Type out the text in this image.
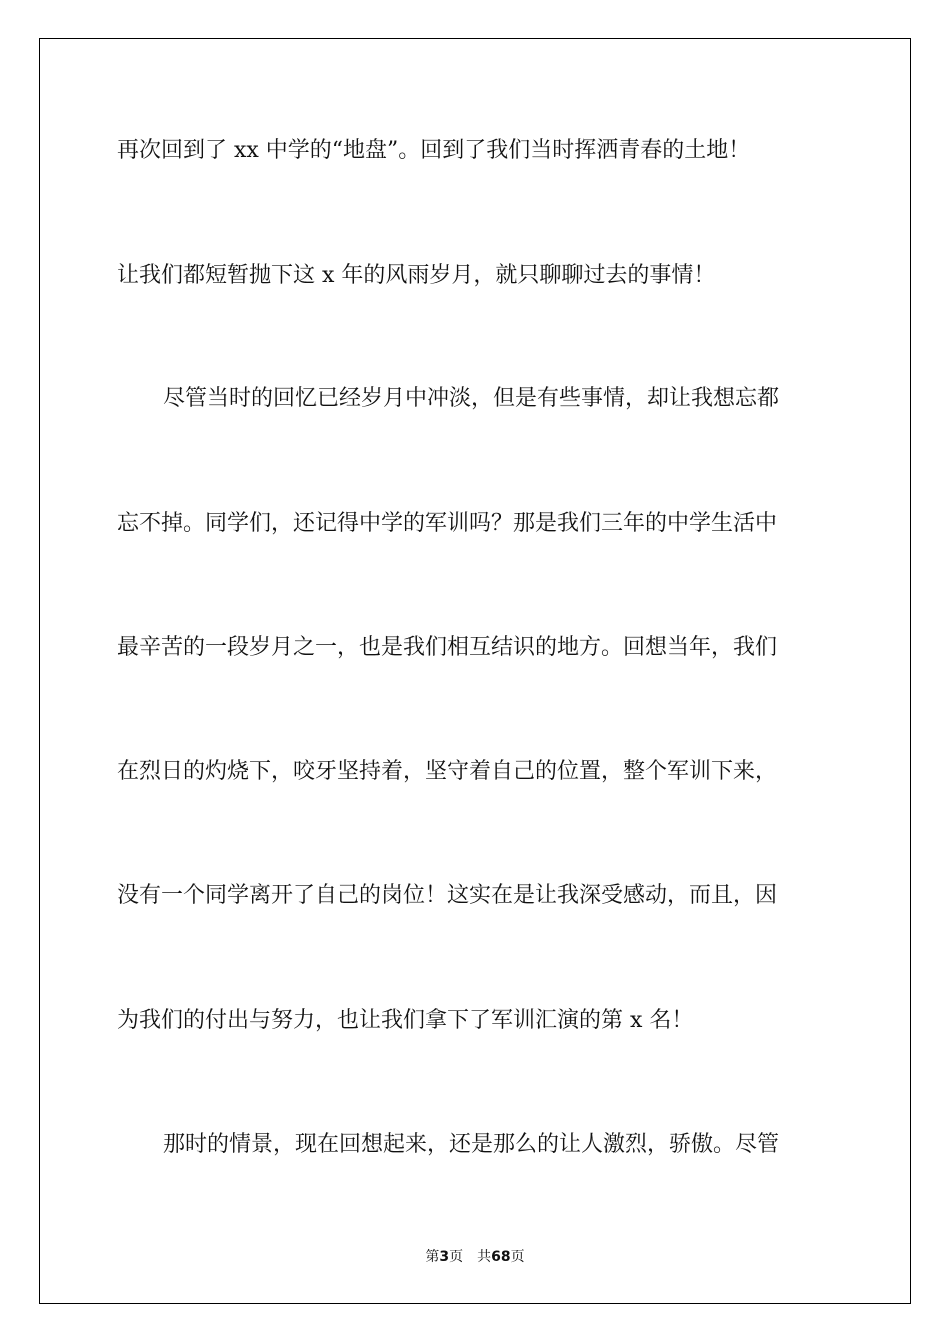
再次回到了 xx 中学的“地盘”。回到了我们当时挥洒青春的土地！
让我们都短暂抛下这 x 年的风雨岁月，就只聊聊过去的事情！
尽管当时的回忆已经岁月中冲淡，但是有些事情，却让我想忘都
忘不掉。同学们，还记得中学的军训吗？那是我们三年的中学生活中
最辛苦的一段岁月之一，也是我们相互结识的地方。回想当年，我们
在烈日的灼烧下，咬牙坚持着，坚守着自己的位置，整个军训下来，
没有一个同学离开了自己的岗位！这实在是让我深受感动，而且，因
为我们的付出与努力，也让我们拿下了军训汇演的第 x 名！
那时的情景，现在回想起来，还是那么的让人激烈，骄傲。尽管
第3页 共68页
